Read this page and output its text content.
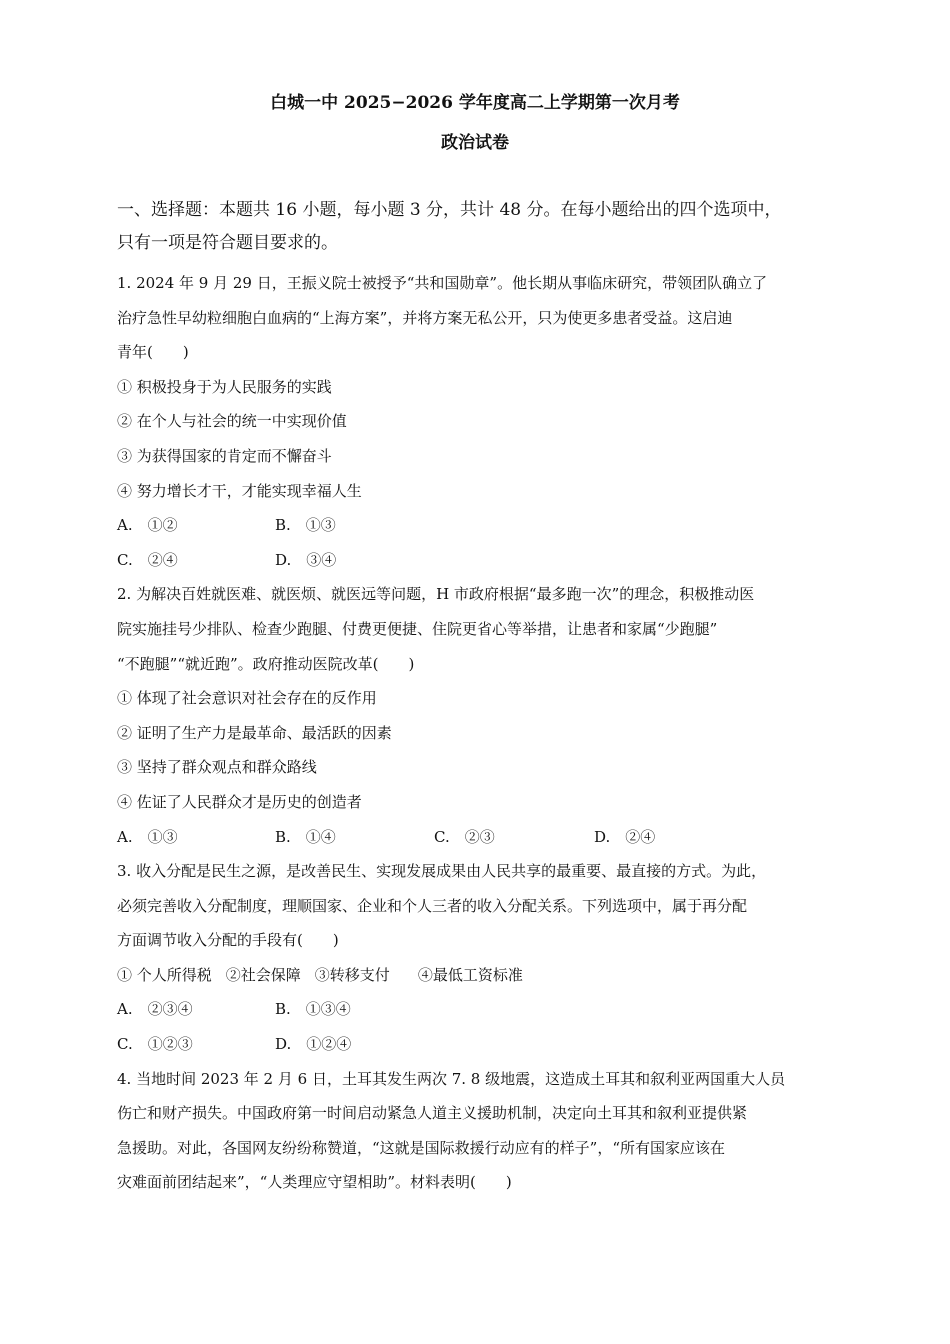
白城一中 2025−2026 学年度高二上学期第一次月考
政治试卷
一、选择题：本题共 16 小题，每小题 3 分，共计 48 分。在每小题给出的四个选项中，
只有一项是符合题目要求的。
1. 2024 年 9 月 29 日，王振义院士被授予“共和国勋章”。他长期从事临床研究，带领团队确立了
治疗急性早幼粒细胞白血病的“上海方案”，并将方案无私公开，只为使更多患者受益。这启迪
青年(　　)
① 积极投身于为人民服务的实践
② 在个人与社会的统一中实现价值
③ 为获得国家的肯定而不懈奋斗
④ 努力增长才干，才能实现幸福人生
A.　①②	B.　①③
C.　②④	D.　③④
2. 为解决百姓就医难、就医烦、就医远等问题，H 市政府根据“最多跑一次”的理念，积极推动医
院实施挂号少排队、检查少跑腿、付费更便捷、住院更省心等举措，让患者和家属“少跑腿”
“不跑腿”“就近跑”。政府推动医院改革(　　)
① 体现了社会意识对社会存在的反作用
② 证明了生产力是最革命、最活跃的因素
③ 坚持了群众观点和群众路线
④ 佐证了人民群众才是历史的创造者
A.　①③	B.　①④	C.　②③	D.　②④
3. 收入分配是民生之源，是改善民生、实现发展成果由人民共享的最重要、最直接的方式。为此，
必须完善收入分配制度，理顺国家、企业和个人三者的收入分配关系。下列选项中，属于再分配
方面调节收入分配的手段有(　　)
① 个人所得税 ②社会保障 ③转移支付 ④最低工资标准
A.　②③④	B.　①③④
C.　①②③	D.　①②④
4. 当地时间 2023 年 2 月 6 日，土耳其发生两次 7. 8 级地震，这造成土耳其和叙利亚两国重大人员
伤亡和财产损失。中国政府第一时间启动紧急人道主义援助机制，决定向土耳其和叙利亚提供紧
急援助。对此，各国网友纷纷称赞道，“这就是国际救援行动应有的样子”，“所有国家应该在
灾难面前团结起来”，“人类理应守望相助”。材料表明(　　)
